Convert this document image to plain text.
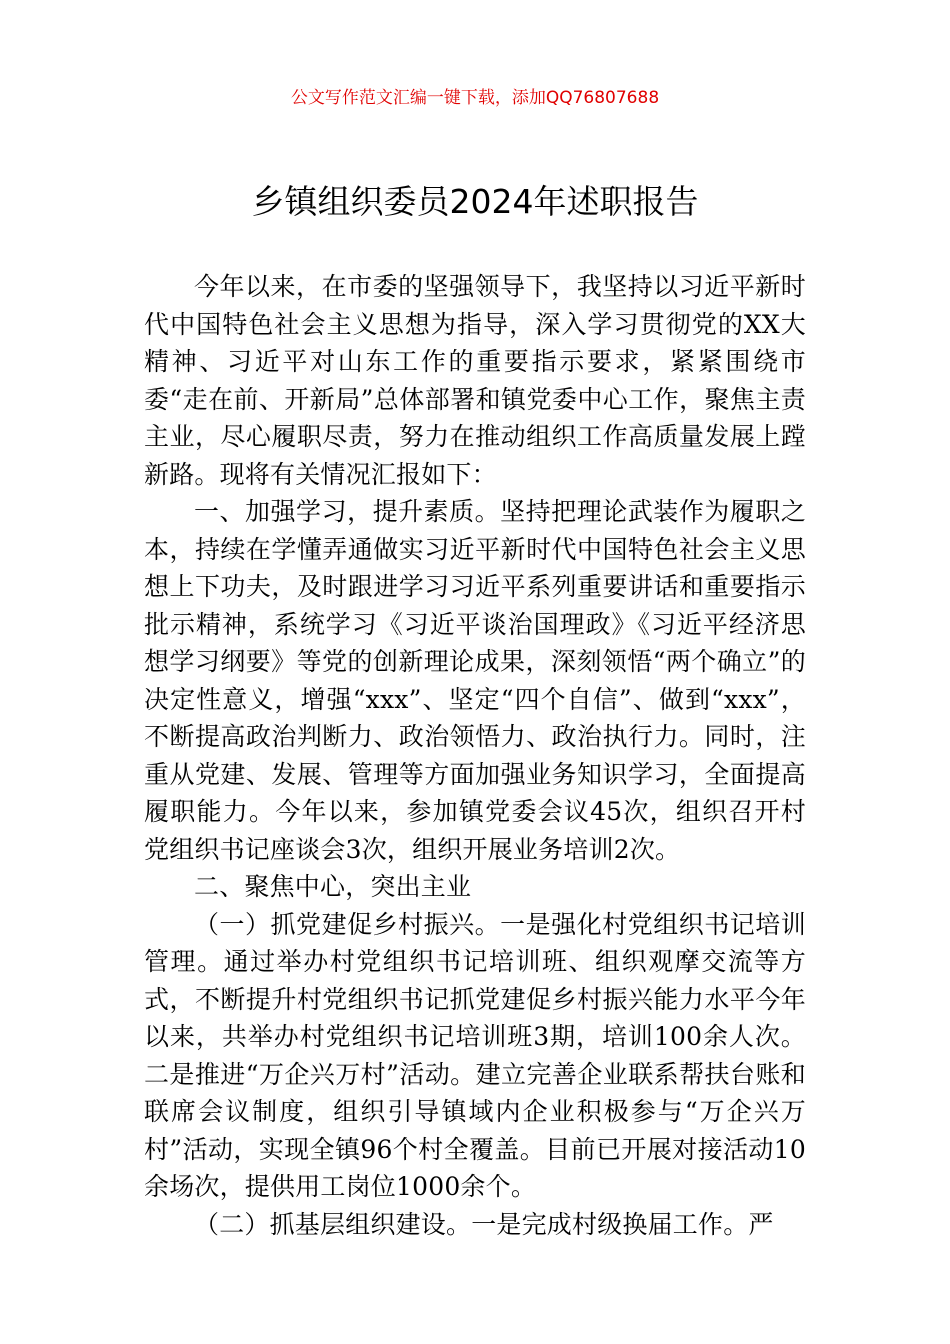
公文写作范文汇编一键下载，添加QQ76807688
乡镇组织委员2024年述职报告

今年以来，在市委的坚强领导下，我坚持以习近平新时代中国特色社会主义思想为指导，深入学习贯彻党的XX大精神、习近平对山东工作的重要指示要求，紧紧围绕市委“走在前、开新局”总体部署和镇党委中心工作，聚焦主责主业，尽心履职尽责，努力在推动组织工作高质量发展上蹚新路。现将有关情况汇报如下：

一、加强学习，提升素质。坚持把理论武装作为履职之本，持续在学懂弄通做实习近平新时代中国特色社会主义思想上下功夫，及时跟进学习习近平系列重要讲话和重要指示批示精神，系统学习《习近平谈治国理政》《习近平经济思想学习纲要》等党的创新理论成果，深刻领悟“两个确立”的决定性意义，增强“xxx”、坚定“四个自信”、做到“xxx”，不断提高政治判断力、政治领悟力、政治执行力。同时，注重从党建、发展、管理等方面加强业务知识学习，全面提高履职能力。今年以来，参加镇党委会议45次，组织召开村党组织书记座谈会3次，组织开展业务培训2次。

二、聚焦中心，突出主业

（一）抓党建促乡村振兴。一是强化村党组织书记培训管理。通过举办村党组织书记培训班、组织观摩交流等方式，不断提升村党组织书记抓党建促乡村振兴能力水平今年以来，共举办村党组织书记培训班3期，培训100余人次。二是推进“万企兴万村”活动。建立完善企业联系帮扶台账和联席会议制度，组织引导镇域内企业积极参与“万企兴万村”活动，实现全镇96个村全覆盖。目前已开展对接活动10余场次，提供用工岗位1000余个。

（二）抓基层组织建设。一是完成村级换届工作。严
